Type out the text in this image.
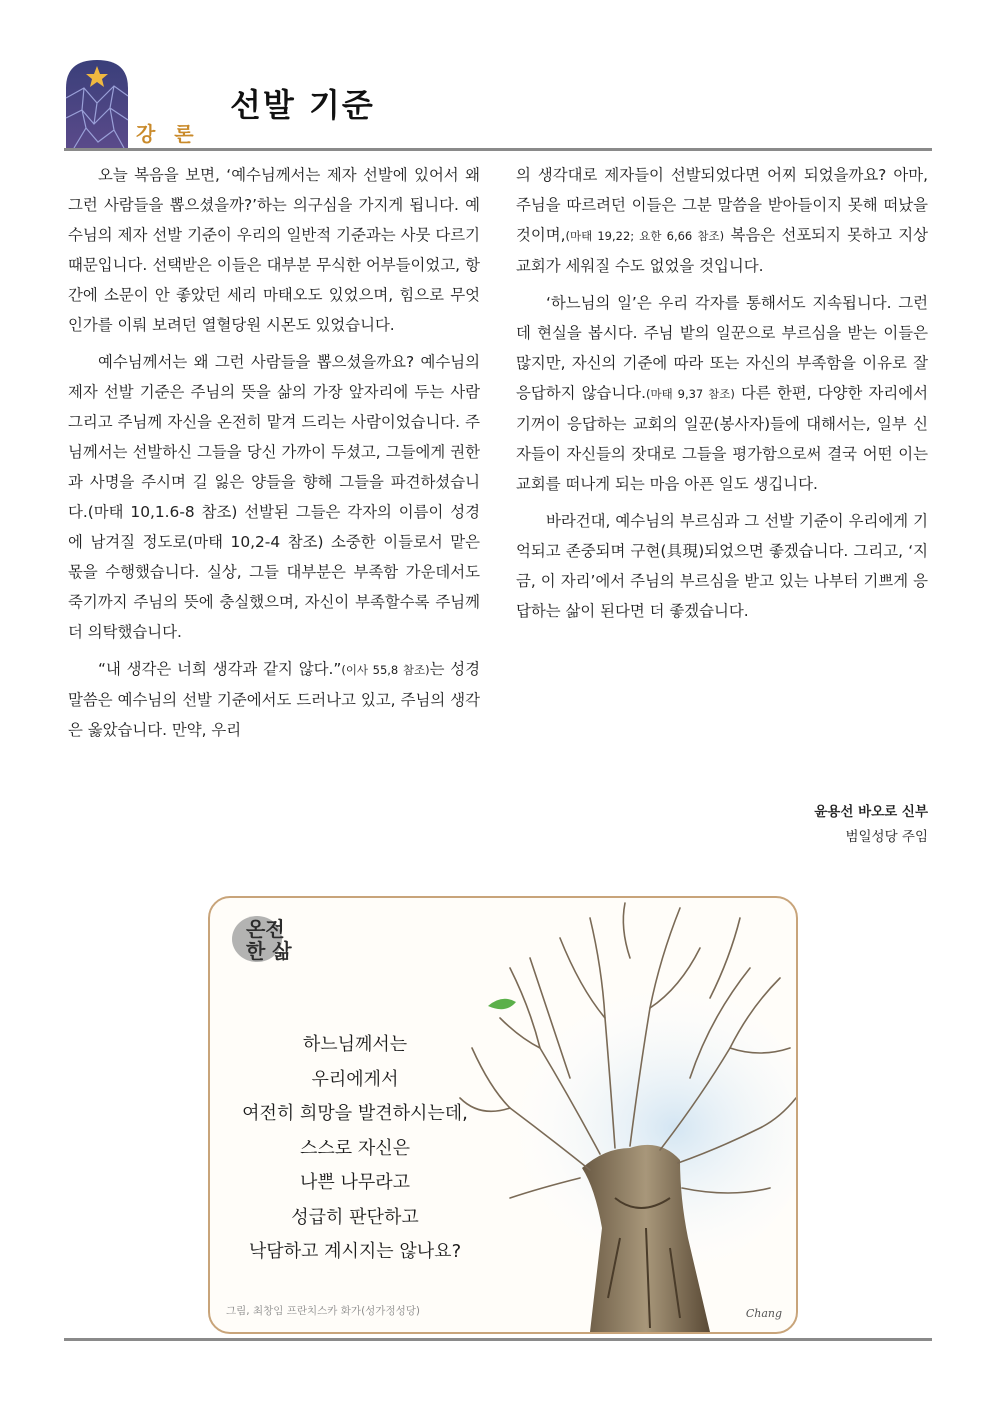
강 론
선발 기준

오늘 복음을 보면, ‘예수님께서는 제자 선발에 있어서 왜 그런 사람들을 뽑으셨을까?’하는 의구심을 가지게 됩니다. 예수님의 제자 선발 기준이 우리의 일반적 기준과는 사뭇 다르기 때문입니다. 선택받은 이들은 대부분 무식한 어부들이었고, 항간에 소문이 안 좋았던 세리 마태오도 있었으며, 힘으로 무엇인가를 이뤄 보려던 열혈당원 시몬도 있었습니다.

예수님께서는 왜 그런 사람들을 뽑으셨을까요? 예수님의 제자 선발 기준은 주님의 뜻을 삶의 가장 앞자리에 두는 사람 그리고 주님께 자신을 온전히 맡겨 드리는 사람이었습니다. 주님께서는 선발하신 그들을 당신 가까이 두셨고, 그들에게 권한과 사명을 주시며 길 잃은 양들을 향해 그들을 파견하셨습니다.(마태 10,1.6-8 참조) 선발된 그들은 각자의 이름이 성경에 남겨질 정도로(마태 10,2-4 참조) 소중한 이들로서 맡은 몫을 수행했습니다. 실상, 그들 대부분은 부족함 가운데서도 죽기까지 주님의 뜻에 충실했으며, 자신이 부족할수록 주님께 더 의탁했습니다.

“내 생각은 너희 생각과 같지 않다.”(이사 55,8 참조)는 성경 말씀은 예수님의 선발 기준에서도 드러나고 있고, 주님의 생각은 옳았습니다. 만약, 우리

의 생각대로 제자들이 선발되었다면 어찌 되었을까요? 아마, 주님을 따르려던 이들은 그분 말씀을 받아들이지 못해 떠났을 것이며,(마태 19,22; 요한 6,66 참조) 복음은 선포되지 못하고 지상 교회가 세워질 수도 없었을 것입니다.

‘하느님의 일’은 우리 각자를 통해서도 지속됩니다. 그런데 현실을 봅시다. 주님 밭의 일꾼으로 부르심을 받는 이들은 많지만, 자신의 기준에 따라 또는 자신의 부족함을 이유로 잘 응답하지 않습니다.(마태 9,37 참조) 다른 한편, 다양한 자리에서 기꺼이 응답하는 교회의 일꾼(봉사자)들에 대해서는, 일부 신자들이 자신들의 잣대로 그들을 평가함으로써 결국 어떤 이는 교회를 떠나게 되는 마음 아픈 일도 생깁니다.

바라건대, 예수님의 부르심과 그 선발 기준이 우리에게 기억되고 존중되며 구현(具現)되었으면 좋겠습니다. 그리고, ‘지금, 이 자리’에서 주님의 부르심을 받고 있는 나부터 기쁘게 응답하는 삶이 된다면 더 좋겠습니다.

윤용선 바오로 신부
범일성당 주임
온전 한 삶
하느님께서는
우리에게서
여전히 희망을 발견하시는데,
스스로 자신은
나쁜 나무라고
성급히 판단하고
낙담하고 계시지는 않나요?
그림, 최창임 프란치스카 화가(성가정성당)	Chang
